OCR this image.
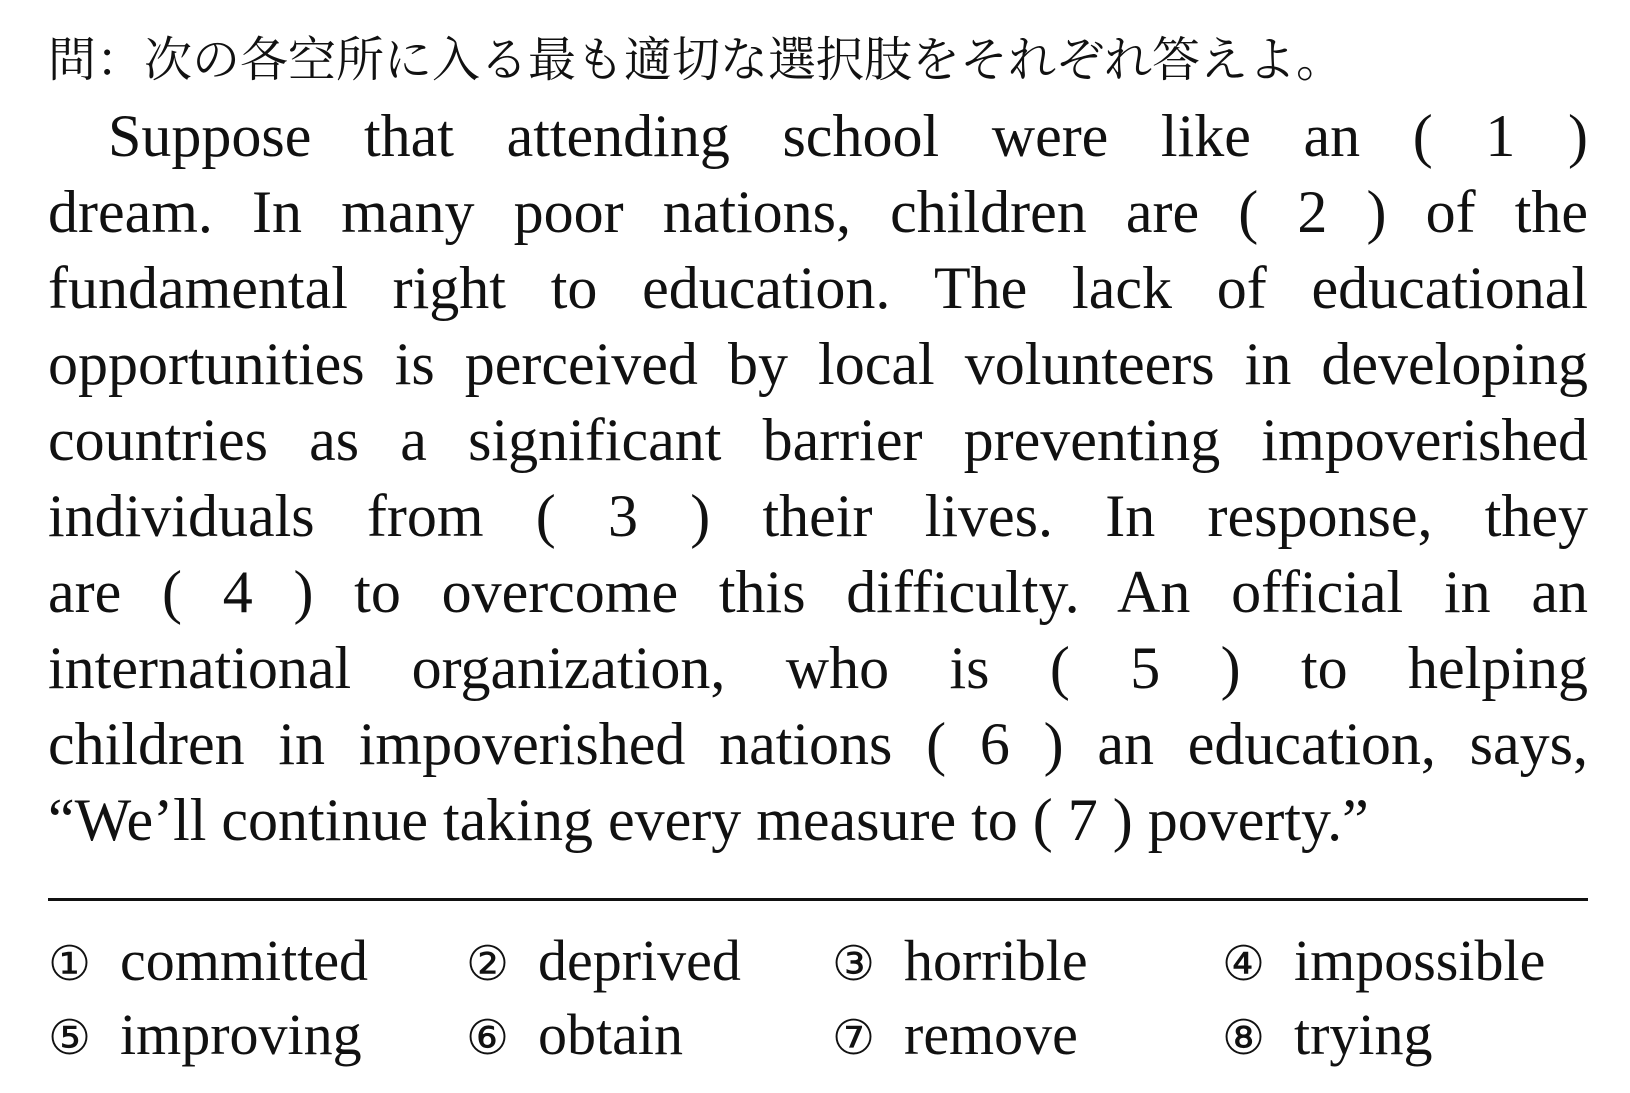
問：次の各空所に入る最も適切な選択肢をそれぞれ答えよ。
Suppose that attending school were like an ( 1 )
dream. In many poor nations, children are ( 2 ) of the
fundamental right to education. The lack of educational
opportunities is perceived by local volunteers in developing
countries as a significant barrier preventing impoverished
individuals from ( 3 ) their lives. In response, they
are ( 4 ) to overcome this difficulty. An official in an
international organization, who is ( 5 ) to helping
children in impoverished nations ( 6 ) an education, says,
“We’ll continue taking every measure to ( 7 ) poverty.”
① committed ② deprived ③ horrible	④ impossible
⑤ improving ⑥ obtain	⑦ remove	⑧ trying
